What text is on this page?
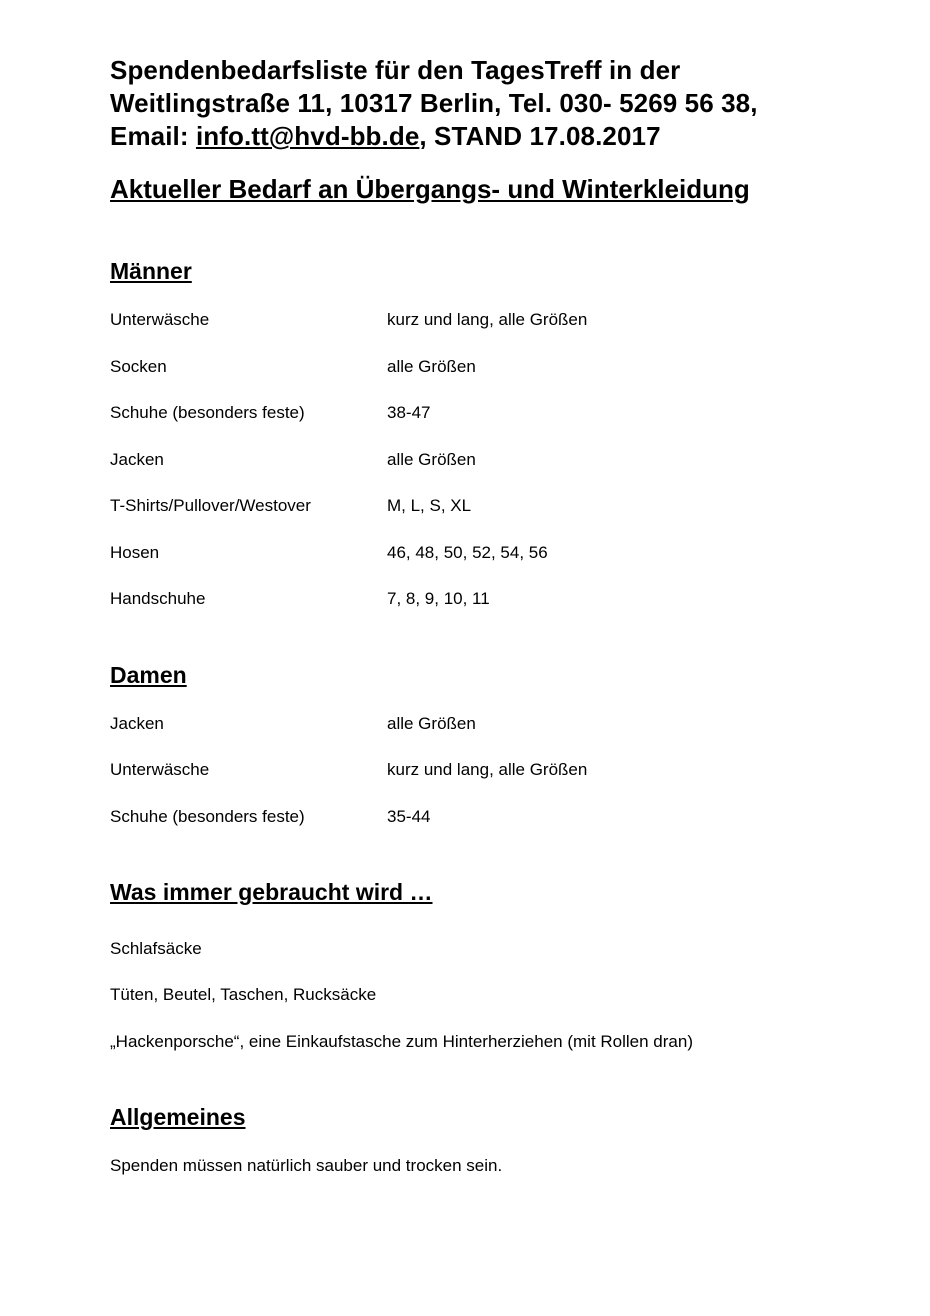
Spendenbedarfsliste für den TagesTreff in der
Weitlingstraße 11, 10317 Berlin, Tel. 030- 5269 56 38,
Email: info.tt@hvd-bb.de, STAND 17.08.2017
Aktueller Bedarf an Übergangs- und Winterkleidung
Männer
Unterwäsche	kurz und lang, alle Größen
Socken	alle Größen
Schuhe (besonders feste)	38-47
Jacken	alle Größen
T-Shirts/Pullover/Westover	M, L, S, XL
Hosen	46, 48, 50, 52, 54, 56
Handschuhe	7, 8, 9, 10, 11
Damen
Jacken	alle Größen
Unterwäsche	kurz und lang, alle Größen
Schuhe (besonders feste)	35-44
Was immer gebraucht wird …
Schlafsäcke
Tüten, Beutel, Taschen, Rucksäcke
„Hackenporsche“, eine Einkaufstasche zum Hinterherziehen (mit Rollen dran)
Allgemeines
Spenden müssen natürlich sauber und trocken sein.
